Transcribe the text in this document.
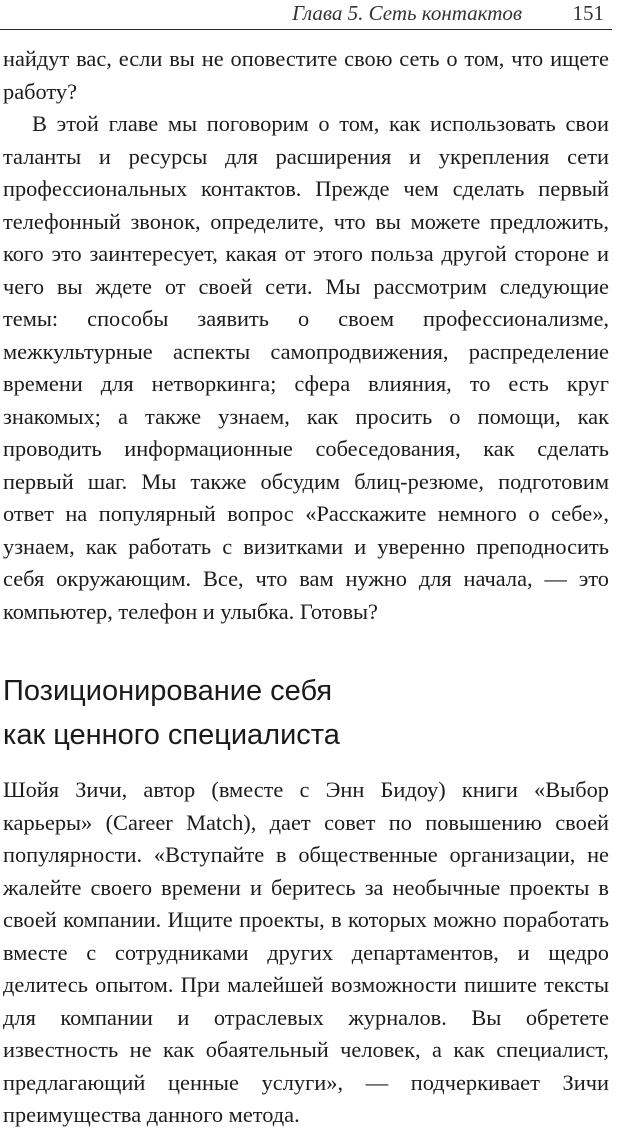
Глава 5. Сеть контактов 151

найдут вас, если вы не оповестите свою сеть о том, что ищете работу?

В этой главе мы поговорим о том, как использовать свои таланты и ресурсы для расширения и укрепления сети профессиональных контактов. Прежде чем сделать первый телефонный звонок, определите, что вы можете предложить, кого это заинтересует, какая от этого польза другой стороне и чего вы ждете от своей сети. Мы рассмотрим следующие темы: способы заявить о своем профессионализме, межкультурные аспекты самопродвижения, распределение времени для нетворкинга; сфера влияния, то есть круг знакомых; а также узнаем, как просить о помощи, как проводить информационные собеседования, как сделать первый шаг. Мы также обсудим блиц-резюме, подготовим ответ на популярный вопрос «Расскажите немного о себе», узнаем, как работать с визитками и уверенно преподносить себя окружающим. Все, что вам нужно для начала, — это компьютер, телефон и улыбка. Готовы?

Позиционирование себя
как ценного специалиста

Шойя Зичи, автор (вместе с Энн Бидоу) книги «Выбор карьеры» (Career Match), дает совет по повышению своей популярности. «Вступайте в общественные организации, не жалейте своего времени и беритесь за необычные проекты в своей компании. Ищите проекты, в которых можно поработать вместе с сотрудниками других департаментов, и щедро делитесь опытом. При малейшей возможности пишите тексты для компании и отраслевых журналов. Вы обретете известность не как обаятельный человек, а как специалист, предлагающий ценные услуги», — подчеркивает Зичи преимущества данного метода.
